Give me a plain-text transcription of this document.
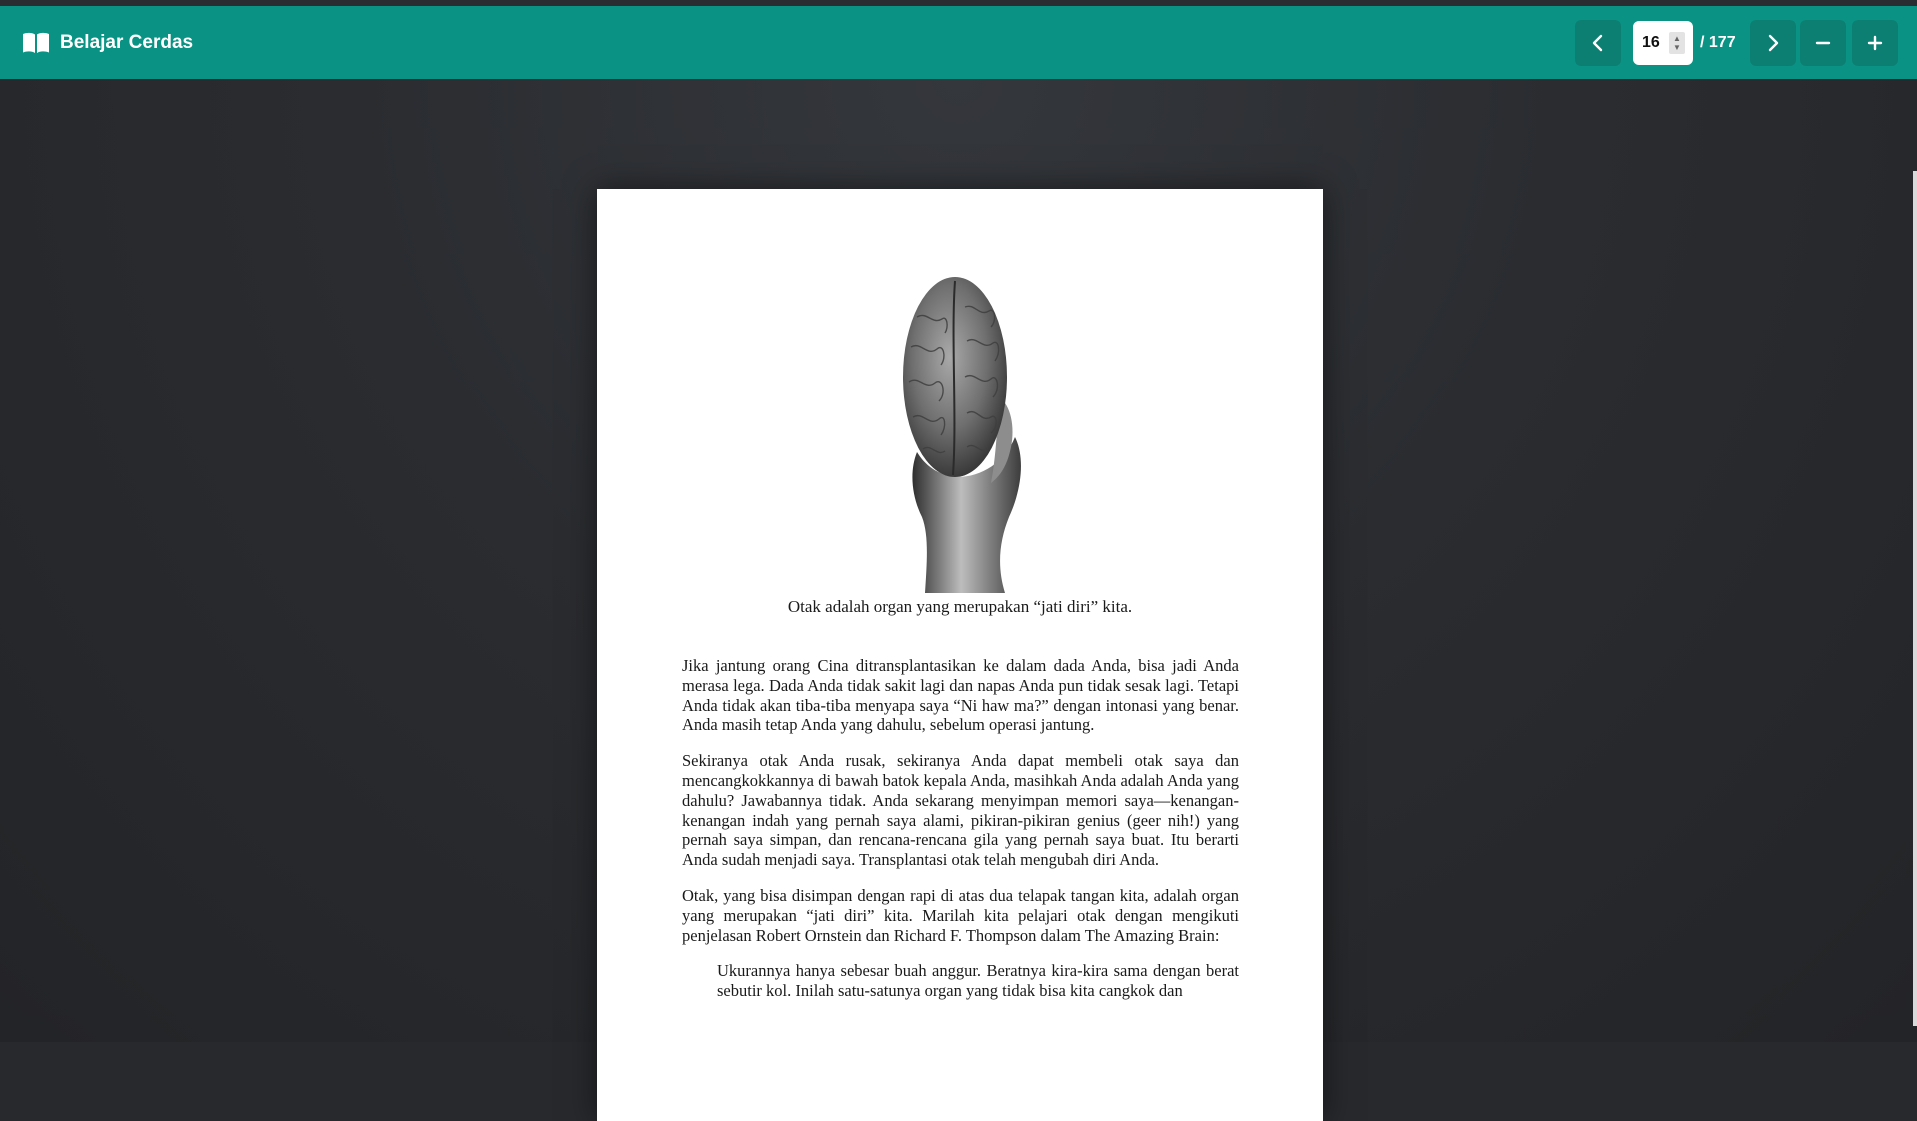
Belajar Cerdas
16	▲
▼ / 177
Otak adalah organ yang merupakan “jati diri” kita.

Jika jantung orang Cina ditransplantasikan ke dalam dada Anda, bisa jadi Anda merasa lega. Dada Anda tidak sakit lagi dan napas Anda pun tidak sesak lagi. Tetapi Anda tidak akan tiba-tiba menyapa saya “Ni haw ma?” dengan intonasi yang benar. Anda masih tetap Anda yang dahulu, sebelum operasi jantung.

Sekiranya otak Anda rusak, sekiranya Anda dapat membeli otak saya dan mencangkokkannya di bawah batok kepala Anda, masihkah Anda adalah Anda yang dahulu? Jawabannya tidak. Anda sekarang menyimpan memori saya—kenangan-kenangan indah yang pernah saya alami, pikiran-pikiran genius (geer nih!) yang pernah saya simpan, dan rencana-rencana gila yang pernah saya buat. Itu berarti Anda sudah menjadi saya. Transplantasi otak telah mengubah diri Anda.

Otak, yang bisa disimpan dengan rapi di atas dua telapak tangan kita, adalah organ yang merupakan “jati diri” kita. Marilah kita pelajari otak dengan mengikuti penjelasan Robert Ornstein dan Richard F. Thompson dalam The Amazing Brain:

Ukurannya hanya sebesar buah anggur. Beratnya kira-kira sama dengan berat sebutir kol. Inilah satu-satunya organ yang tidak bisa kita cangkok dan
